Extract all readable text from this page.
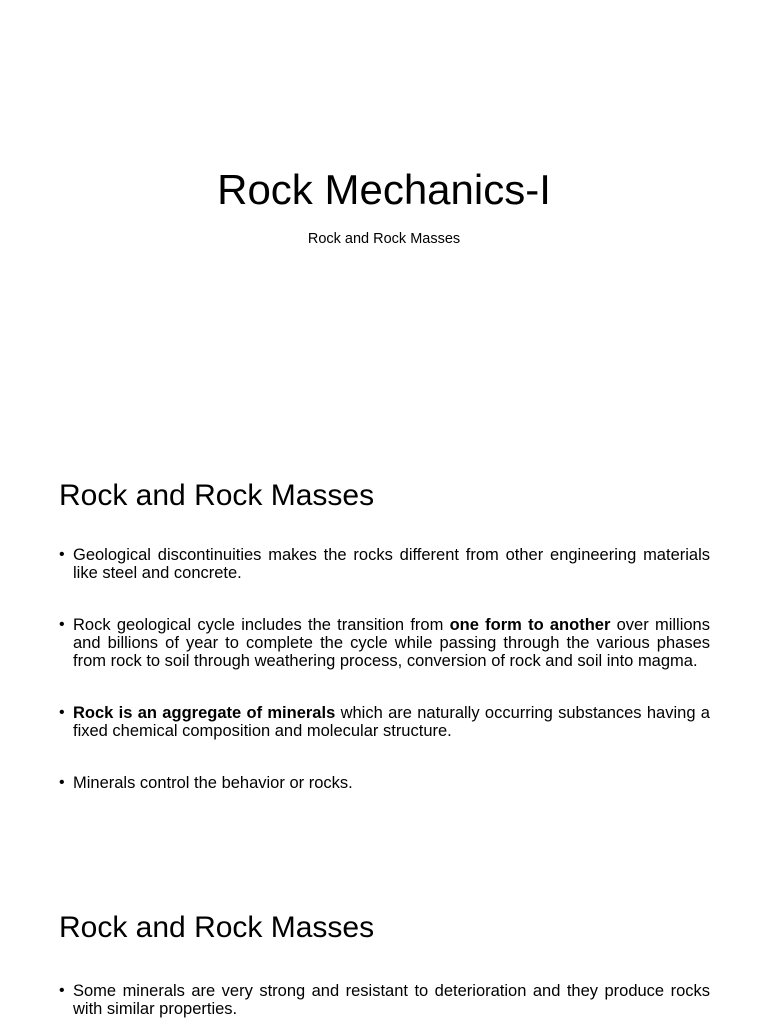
Rock Mechanics-I

Rock and Rock Masses

Rock and Rock Masses
• Geological discontinuities makes the rocks different from other engineering materials like steel and concrete.
• Rock geological cycle includes the transition from one form to another over millions and billions of year to complete the cycle while passing through the various phases from rock to soil through weathering process, conversion of rock and soil into magma.
• Rock is an aggregate of minerals which are naturally occurring substances having a fixed chemical composition and molecular structure.
• Minerals control the behavior or rocks.
Rock and Rock Masses
• Some minerals are very strong and resistant to deterioration and they produce rocks with similar properties.
